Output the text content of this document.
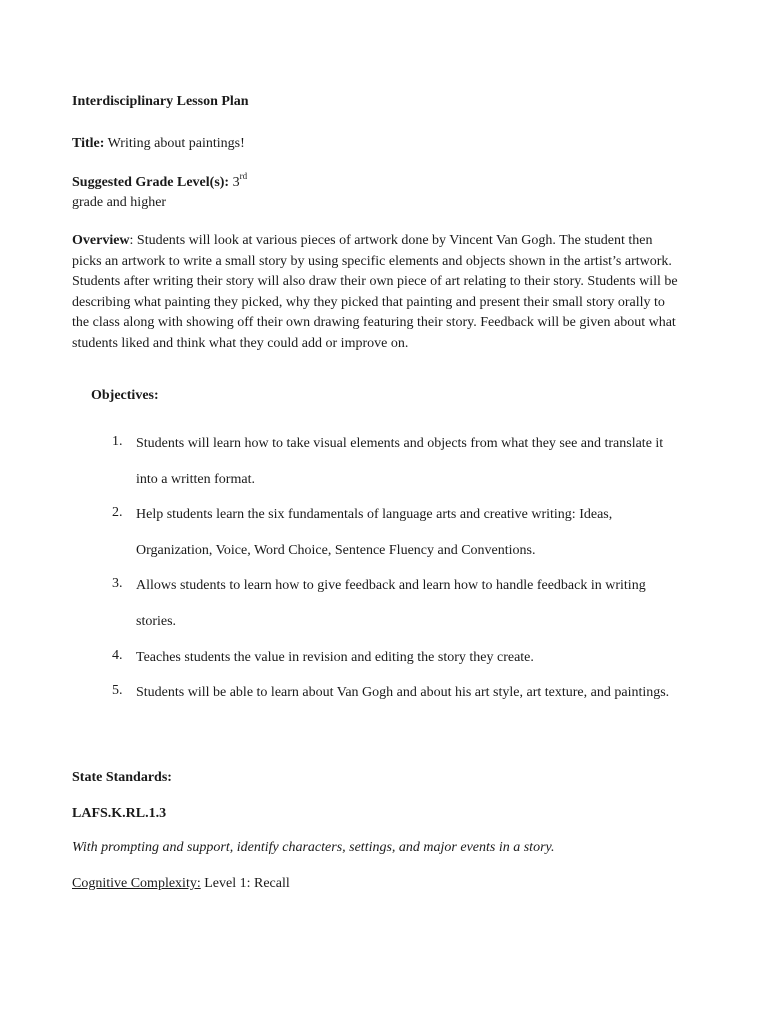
Interdisciplinary Lesson Plan
Title: Writing about paintings!
Suggested Grade Level(s): 3rd
grade and higher
Overview: Students will look at various pieces of artwork done by Vincent Van Gogh. The student then picks an artwork to write a small story by using specific elements and objects shown in the artist’s artwork. Students after writing their story will also draw their own piece of art relating to their story. Students will be describing what painting they picked, why they picked that painting and present their small story orally to the class along with showing off their own drawing featuring their story. Feedback will be given about what students liked and think what they could add or improve on.
Objectives:
1. Students will learn how to take visual elements and objects from what they see and translate it into a written format.
2. Help students learn the six fundamentals of language arts and creative writing: Ideas, Organization, Voice, Word Choice, Sentence Fluency and Conventions.
3. Allows students to learn how to give feedback and learn how to handle feedback in writing stories.
4. Teaches students the value in revision and editing the story they create.
5. Students will be able to learn about Van Gogh and about his art style, art texture, and paintings.
State Standards:
LAFS.K.RL.1.3
With prompting and support, identify characters, settings, and major events in a story.
Cognitive Complexity: Level 1: Recall
